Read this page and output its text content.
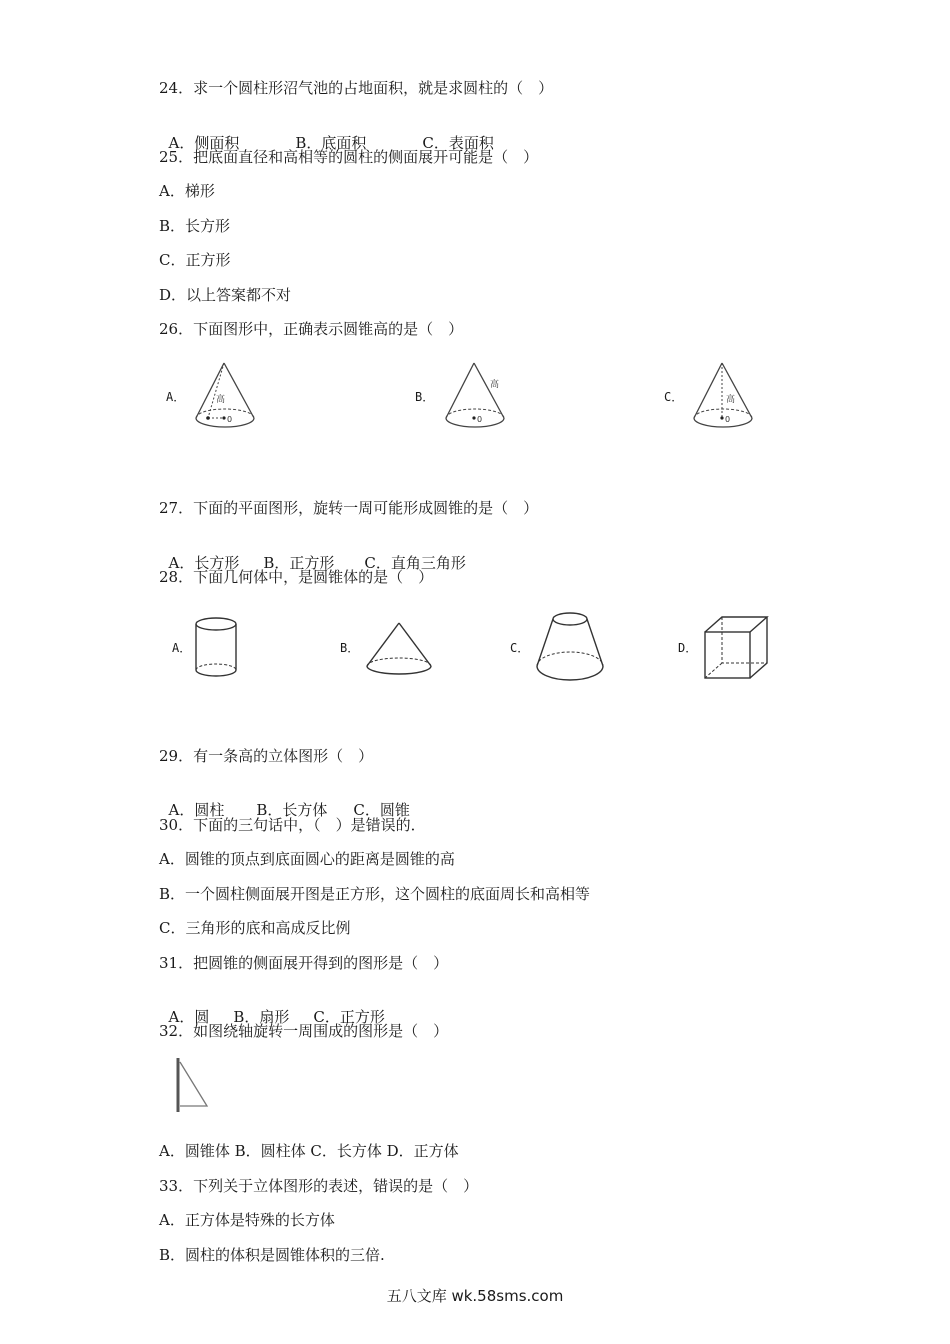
24．求一个圆柱形沼气池的占地面积，就是求圆柱的（　）

A．侧面积	B．底面积	C．表面积

25．把底面直径和高相等的圆柱的侧面展开可能是（　）
A．梯形
B．长方形
C．正方形
D．以上答案都不对
26．下面图形中，正确表示圆锥高的是（　）
A．	高
0
B．
高
0
C．	高
0
27．下面的平面图形，旋转一周可能形成圆锥的是（　）

A．长方形 B．正方形 C．直角三角形

28．下面几何体中，是圆锥体的是（　）
A．	B．	C．	D．
29．有一条高的立体图形（　）

A．圆柱 B．长方体 C．圆锥

30．下面的三句话中，（　）是错误的．
A．圆锥的顶点到底面圆心的距离是圆锥的高
B．一个圆柱侧面展开图是正方形，这个圆柱的底面周长和高相等
C．三角形的底和高成反比例
31．把圆锥的侧面展开得到的图形是（　）

A．圆 B．扇形 C．正方形

32．如图绕轴旋转一周围成的图形是（　）
A．圆锥体 B．圆柱体 C．长方体 D．正方体
33．下列关于立体图形的表述，错误的是（　）
A．正方体是特殊的长方体
B．圆柱的体积是圆锥体积的三倍.
五八文库 wk.58sms.com
